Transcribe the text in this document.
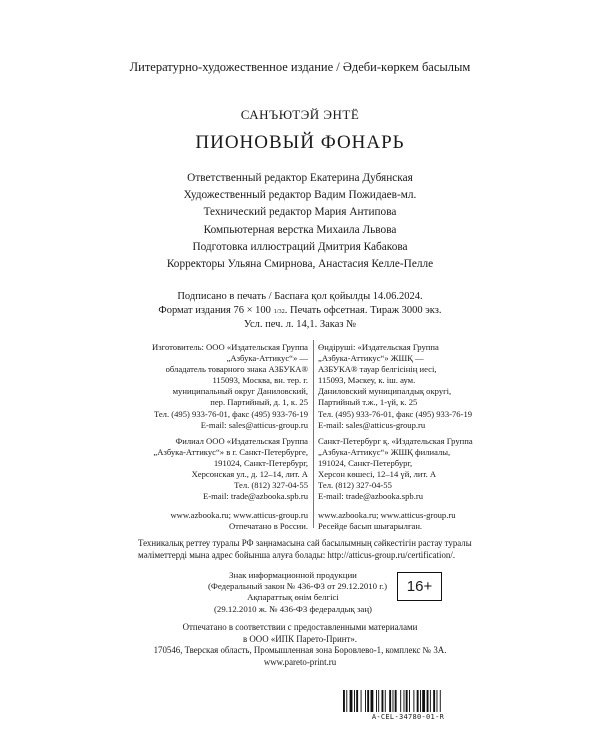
Литературно-художественное издание / Әдеби-көркем басылым

САНЪЮТЭЙ ЭНТЁ

ПИОНОВЫЙ ФОНАРЬ

Ответственный редактор Екатерина Дубянская
Художественный редактор Вадим Пожидаев-мл.
Технический редактор Мария Антипова
Компьютерная верстка Михаила Львова
Подготовка иллюстраций Дмитрия Кабакова
Корректоры Ульяна Смирнова, Анастасия Келле-Пелле
Подписано в печать / Баспаға қол қойылды 14.06.2024.
Формат издания 76 × 100 1/32. Печать офсетная. Тираж 3000 экз.
Усл. печ. л. 14,1. Заказ №
Изготовитель: ООО «Издательская Группа
„Азбука-Аттикус“» —
обладатель товарного знака АЗБУКА®
115093, Москва, вн. тер. г.
муниципальный округ Даниловский,
пер. Партийный, д. 1, к. 25
Тел. (495) 933-76-01, факс (495) 933-76-19
E-mail: sales@atticus-group.ru
Филиал ООО «Издательская Группа
„Азбука-Аттикус“» в г. Санкт-Петербурге,
191024, Санкт-Петербург,
Херсонская ул., д. 12–14, лит. А
Тел. (812) 327-04-55
E-mail: trade@azbooka.spb.ru
www.azbooka.ru; www.atticus-group.ru
Отпечатано в России.
Өндіруші: «Издательская Группа
„Азбука-Аттикус“» ЖШҚ —
АЗБУКА® тауар белгісінің иесі,
115093, Мәскеу, к. іш. аум.
Даниловский муниципалдық округі,
Партийный т.ж., 1-үй, к. 25
Тел. (495) 933-76-01, факс (495) 933-76-19
E-mail: sales@atticus-group.ru
Санкт-Петербург қ. «Издательская Группа
„Азбука-Аттикус“» ЖШҚ филиалы,
191024, Санкт-Петербург,
Херсон көшесі, 12–14 үй, лит. А
Тел. (812) 327-04-55
E-mail: trade@azbooka.spb.ru
www.azbooka.ru; www.atticus-group.ru
Ресейде басып шығарылған.
Техникалық реттеу туралы РФ заңнамасына сай басылымның сәйкестігін растау туралы
мәліметтерді мына адрес бойынша алуға болады: http://atticus-group.ru/certification/.
Знак информационной продукции
(Федеральный закон № 436-ФЗ от 29.12.2010 г.)
Ақпараттық өнім белгісі
(29.12.2010 ж. № 436-ФЗ федералдық заң)
16+
Отпечатано в соответствии с предоставленными материалами
в ООО «ИПК Парето-Принт».
170546, Тверская область, Промышленная зона Боровлево-1, комплекс № 3А.
www.pareto-print.ru

A-CEL-34780-01-R
